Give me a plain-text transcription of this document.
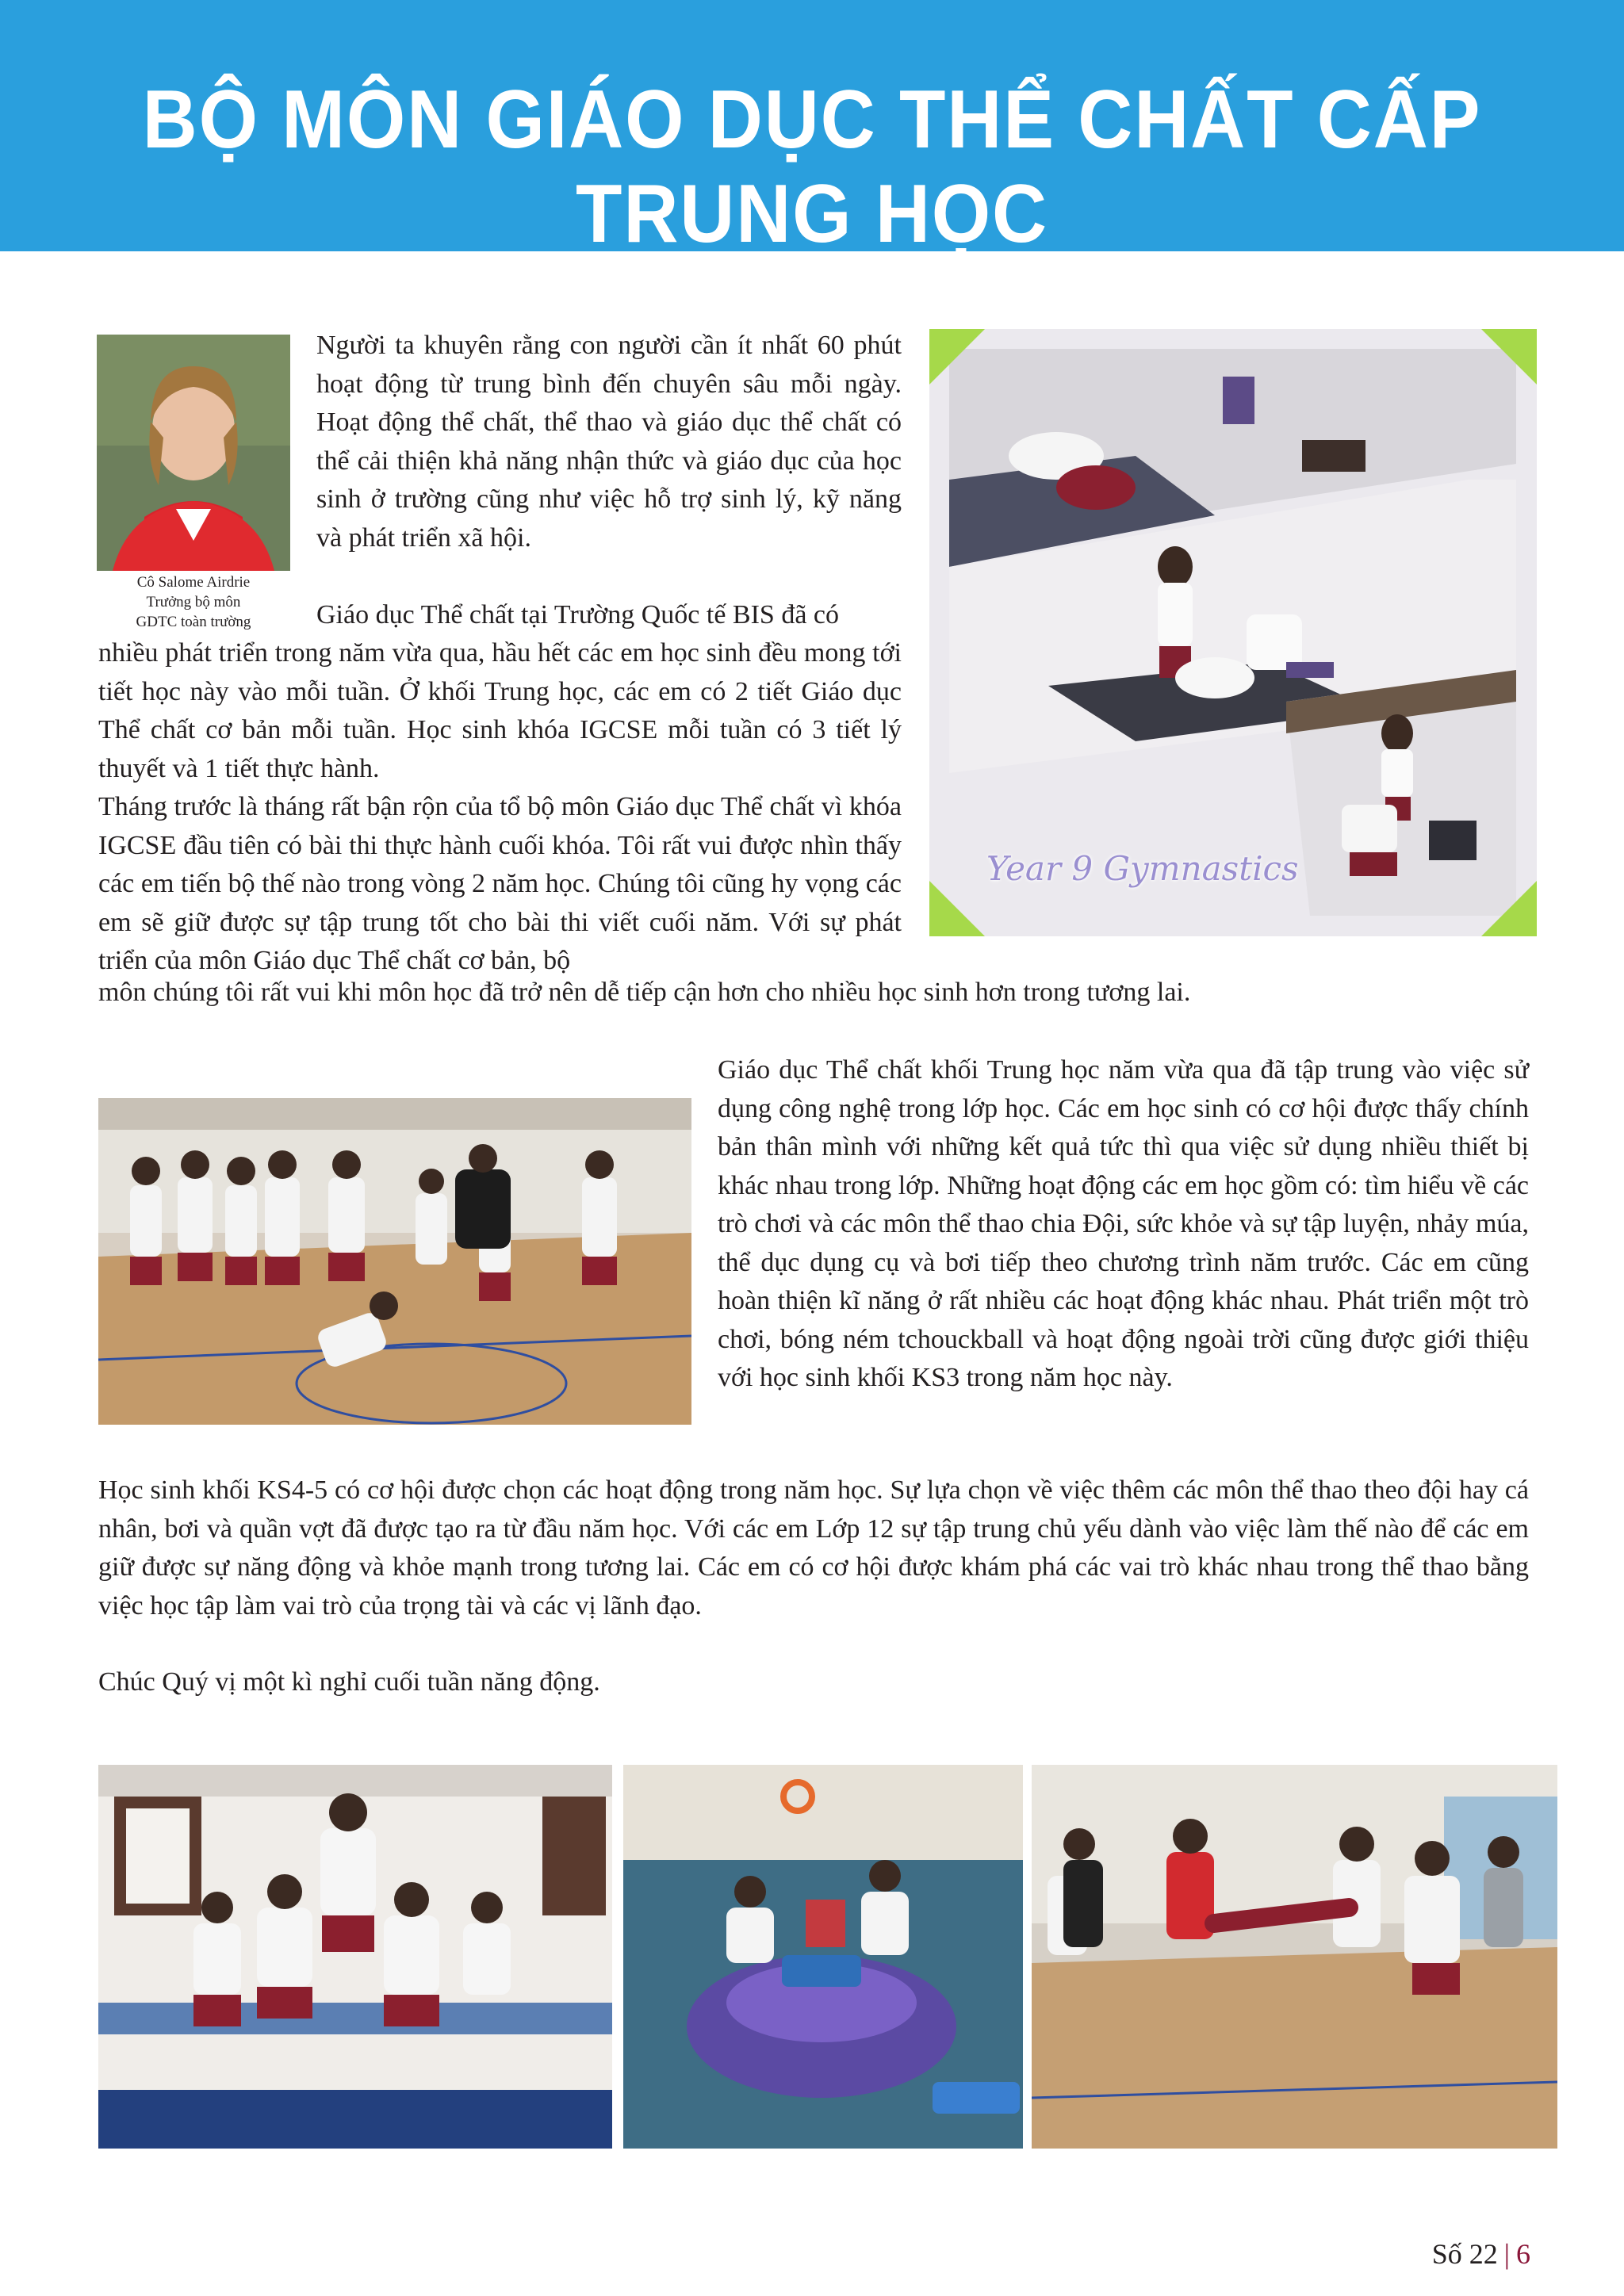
BỘ MÔN GIÁO DỤC THỂ CHẤT CẤP TRUNG HỌC
Cô Salome Airdrie
Trưởng bộ môn
GDTC toàn trường
Year 9 Gymnastics

Người ta khuyên rằng con người cần ít nhất 60 phút hoạt động từ trung bình đến chuyên sâu mỗi ngày. Hoạt động thể chất, thể thao và giáo dục thể chất có thể cải thiện khả năng nhận thức và giáo dục của học sinh ở trường cũng như việc hỗ trợ sinh lý, kỹ năng và phát triển xã hội.

Giáo dục Thể chất tại Trường Quốc tế BIS đã có

nhiều phát triển trong năm vừa qua, hầu hết các em học sinh đều mong tới tiết học này vào mỗi tuần. Ở khối Trung học, các em có 2 tiết Giáo dục Thể chất cơ bản mỗi tuần. Học sinh khóa IGCSE mỗi tuần có 3 tiết lý thuyết và 1 tiết thực hành.

Tháng trước là tháng rất bận rộn của tổ bộ môn Giáo dục Thể chất vì khóa IGCSE đầu tiên có bài thi thực hành cuối khóa. Tôi rất vui được nhìn thấy các em tiến bộ thế nào trong vòng 2 năm học. Chúng tôi cũng hy vọng các em sẽ giữ được sự tập trung tốt cho bài thi viết cuối năm. Với sự phát triển của môn Giáo dục Thể chất cơ bản, bộ

môn chúng tôi rất vui khi môn học đã trở nên dễ tiếp cận hơn cho nhiều học sinh hơn trong tương lai.

Giáo dục Thể chất khối Trung học năm vừa qua đã tập trung vào việc sử dụng công nghệ trong lớp học. Các em học sinh có cơ hội được thấy chính bản thân mình với những kết quả tức thì qua việc sử dụng nhiều thiết bị khác nhau trong lớp. Những hoạt động các em học gồm có: tìm hiểu về các trò chơi và các môn thể thao chia Đội, sức khỏe và sự tập luyện, nhảy múa, thể dục dụng cụ và bơi tiếp theo chương trình năm trước. Các em cũng hoàn thiện kĩ năng ở rất nhiều các hoạt động khác nhau. Phát triển một trò chơi, bóng ném tchouckball và hoạt động ngoài trời cũng được giới thiệu với học sinh khối KS3 trong năm học này.

Học sinh khối KS4-5 có cơ hội được chọn các hoạt động trong năm học. Sự lựa chọn về việc thêm các môn thể thao theo đội hay cá nhân, bơi và quần vợt đã được tạo ra từ đầu năm học. Với các em Lớp 12 sự tập trung chủ yếu dành vào việc làm thế nào để các em giữ được sự năng động và khỏe mạnh trong tương lai. Các em có cơ hội được khám phá các vai trò khác nhau trong thể thao bằng việc học tập làm vai trò của trọng tài và các vị lãnh đạo.

Chúc Quý vị một kì nghỉ cuối tuần năng động.

Số 22 | 6
